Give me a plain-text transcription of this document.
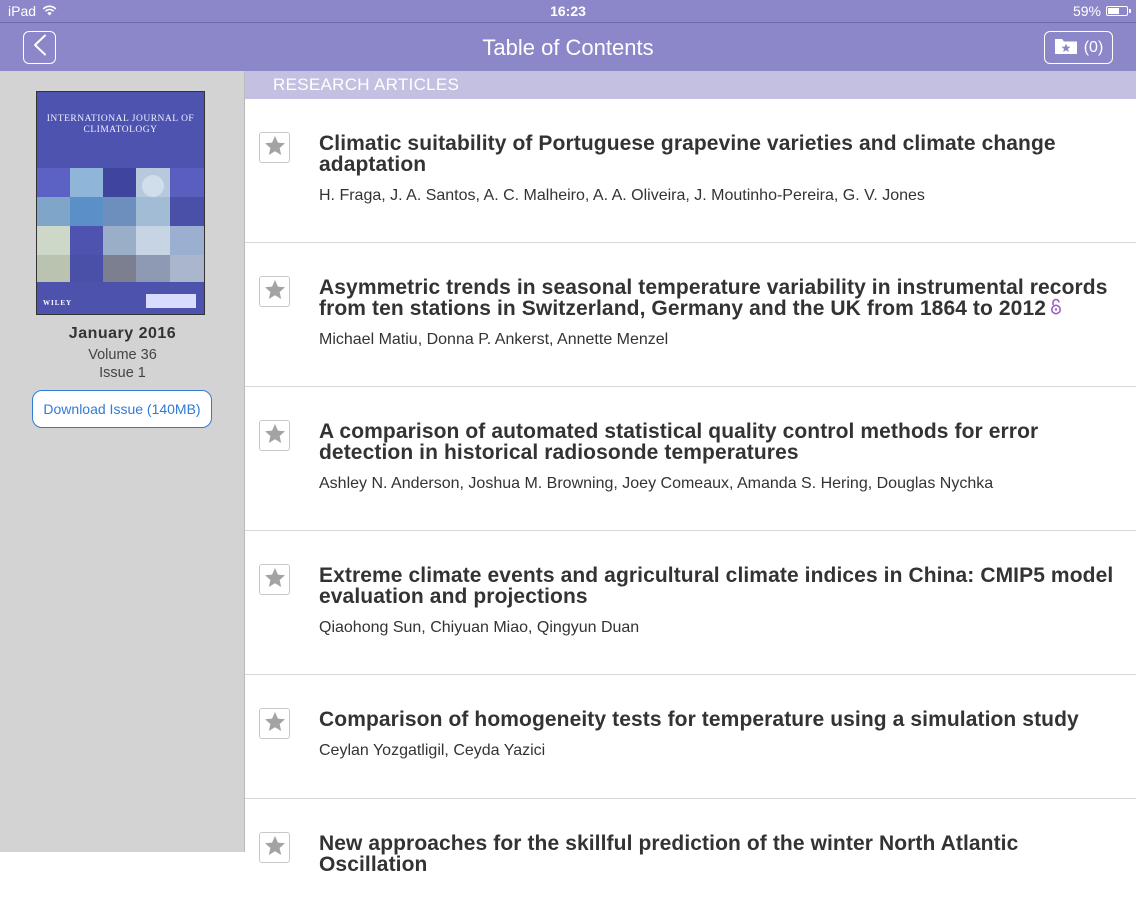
iPad	16:23	59%
Table of Contents	(0)
INTERNATIONAL JOURNAL OF CLIMATOLOGY
WILEY
January 2016
Volume 36
Issue 1
Download Issue (140MB)
RESEARCH ARTICLES
Climatic suitability of Portuguese grapevine varieties and climate change adaptation
H. Fraga, J. A. Santos, A. C. Malheiro, A. A. Oliveira, J. Moutinho-Pereira, G. V. Jones
Asymmetric trends in seasonal temperature variability in instrumental records from ten stations in Switzerland, Germany and the UK from 1864 to 2012
Michael Matiu, Donna P. Ankerst, Annette Menzel
A comparison of automated statistical quality control methods for error detection in historical radiosonde temperatures
Ashley N. Anderson, Joshua M. Browning, Joey Comeaux, Amanda S. Hering, Douglas Nychka
Extreme climate events and agricultural climate indices in China: CMIP5 model evaluation and projections
Qiaohong Sun, Chiyuan Miao, Qingyun Duan
Comparison of homogeneity tests for temperature using a simulation study
Ceylan Yozgatligil, Ceyda Yazici
New approaches for the skillful prediction of the winter North Atlantic Oscillation
